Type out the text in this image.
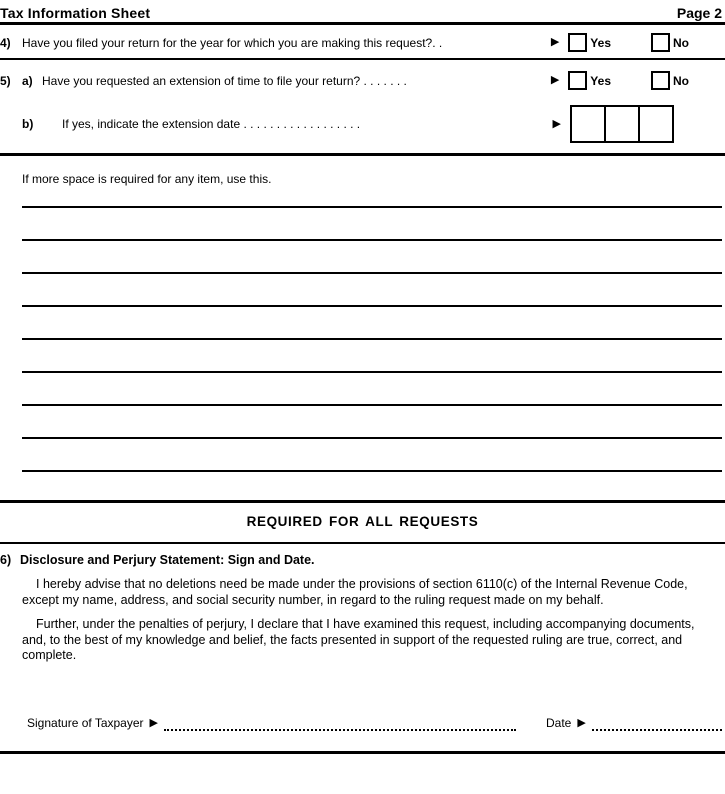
Tax Information Sheet	Page 2
4) Have you filed your return for the year for which you are making this request?. .	▶	Yes	No
5) a) Have you requested an extension of time to file your return? . . . . . . .	▶	Yes	No
b)	If yes, indicate the extension date . . . . . . . . . . . . . . . . . .	▶
If more space is required for any item, use this.
REQUIRED FOR ALL REQUESTS
6) Disclosure and Perjury Statement: Sign and Date.

I hereby advise that no deletions need be made under the provisions of section 6110(c) of the Internal Revenue Code, except my name, address, and social security number, in regard to the ruling request made on my behalf.

Further, under the penalties of perjury, I declare that I have examined this request, including accompanying documents, and, to the best of my knowledge and belief, the facts presented in support of the requested ruling are true, correct, and complete.

Signature of Taxpayer ▶	Date ▶
